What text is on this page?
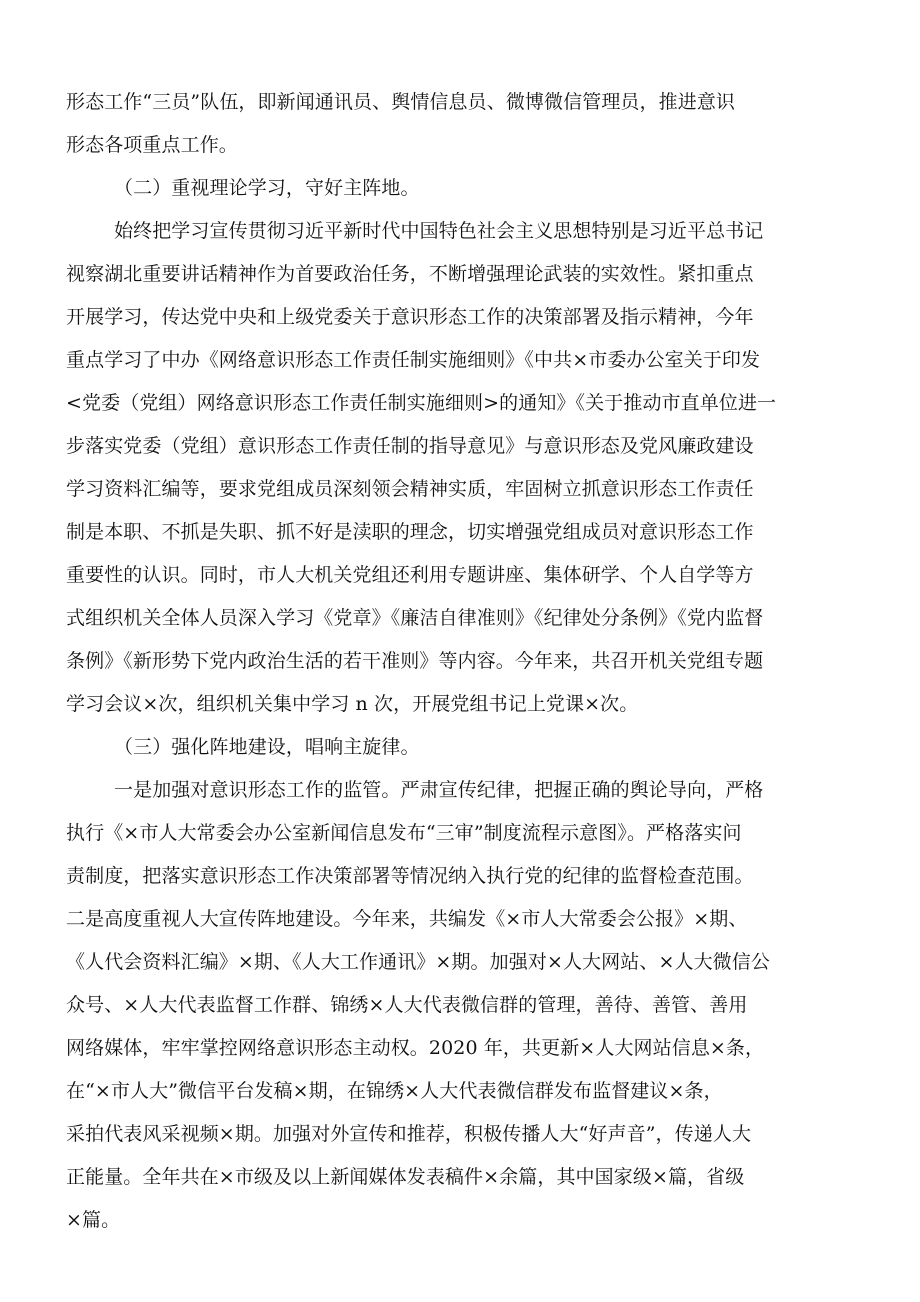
形态工作“三员”队伍，即新闻通讯员、舆情信息员、微博微信管理员，推进意识
形态各项重点工作。
（二）重视理论学习，守好主阵地。
始终把学习宣传贯彻习近平新时代中国特色社会主义思想特别是习近平总书记
视察湖北重要讲话精神作为首要政治任务，不断增强理论武装的实效性。紧扣重点
开展学习，传达党中央和上级党委关于意识形态工作的决策部署及指示精神，今年
重点学习了中办《网络意识形态工作责任制实施细则》《中共×市委办公室关于印发
<党委（党组）网络意识形态工作责任制实施细则>的通知》《关于推动市直单位进一
步落实党委（党组）意识形态工作责任制的指导意见》与意识形态及党风廉政建设
学习资料汇编等，要求党组成员深刻领会精神实质，牢固树立抓意识形态工作责任
制是本职、不抓是失职、抓不好是渎职的理念，切实增强党组成员对意识形态工作
重要性的认识。同时，市人大机关党组还利用专题讲座、集体研学、个人自学等方
式组织机关全体人员深入学习《党章》《廉洁自律准则》《纪律处分条例》《党内监督
条例》《新形势下党内政治生活的若干准则》等内容。今年来，共召开机关党组专题
学习会议×次，组织机关集中学习 n 次，开展党组书记上党课×次。
（三）强化阵地建设，唱响主旋律。
一是加强对意识形态工作的监管。严肃宣传纪律，把握正确的舆论导向，严格
执行《×市人大常委会办公室新闻信息发布“三审”制度流程示意图》。严格落实问
责制度，把落实意识形态工作决策部署等情况纳入执行党的纪律的监督检查范围。
二是高度重视人大宣传阵地建设。今年来，共编发《×市人大常委会公报》×期、
《人代会资料汇编》×期、《人大工作通讯》×期。加强对×人大网站、×人大微信公
众号、×人大代表监督工作群、锦绣×人大代表微信群的管理，善待、善管、善用
网络媒体，牢牢掌控网络意识形态主动权。2020 年，共更新×人大网站信息×条，
在“×市人大”微信平台发稿×期，在锦绣×人大代表微信群发布监督建议×条，
采拍代表风采视频×期。加强对外宣传和推荐，积极传播人大“好声音”，传递人大
正能量。全年共在×市级及以上新闻媒体发表稿件×余篇，其中国家级×篇，省级
×篇。
